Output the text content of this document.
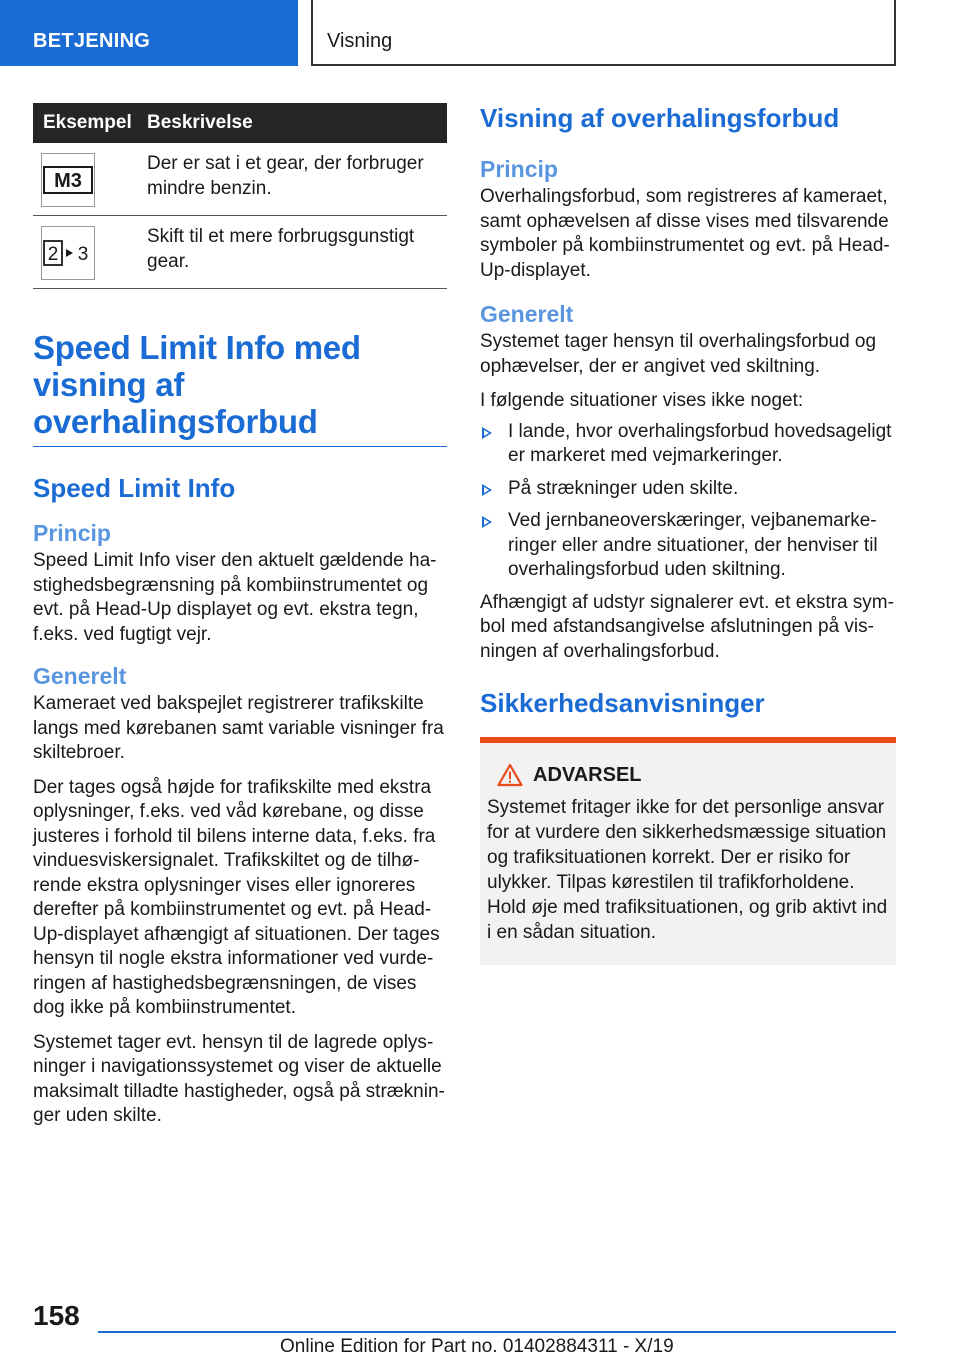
BETJENING	Visning
Eksempel	Beskrivelse

M3	Der er sat i et gear, der forbruger mindre benzin.

2 3	Skift til et mere forbrugsgunstigt gear.
Speed Limit Info med visning af overhalingsforbud
Speed Limit Info
Princip
Speed Limit Info viser den aktuelt gældende hastighedsbegrænsning på kombiinstrumentet og evt. på Head-Up displayet og evt. ekstra tegn, f.eks. ved fugtigt vejr.
Generelt
Kameraet ved bakspejlet registrerer trafikskilte langs med kørebanen samt variable visninger fra skiltebroer.
Der tages også højde for trafikskilte med ekstra oplysninger, f.eks. ved våd kørebane, og disse justeres i forhold til bilens interne data, f.eks. fra vinduesviskersignalet. Trafikskiltet og de tilhørende ekstra oplysninger vises eller ignoreres derefter på kombiinstrumentet og evt. på Head-Up-displayet afhængigt af situationen. Der tages hensyn til nogle ekstra informationer ved vurderingen af hastighedsbegrænsningen, de vises dog ikke på kombiinstrumentet.
Systemet tager evt. hensyn til de lagrede oplysninger i navigationssystemet og viser de aktuelle maksimalt tilladte hastigheder, også på strækninger uden skilte.
Visning af overhalingsforbud
Princip
Overhalingsforbud, som registreres af kameraet, samt ophævelsen af disse vises med tilsvarende symboler på kombiinstrumentet og evt. på Head-Up-displayet.
Generelt
Systemet tager hensyn til overhalingsforbud og ophævelser, der er angivet ved skiltning.
I følgende situationer vises ikke noget:
I lande, hvor overhalingsforbud hovedsageligt er markeret med vejmarkeringer.
På strækninger uden skilte.
Ved jernbaneoverskæringer, vejbanemarkeringer eller andre situationer, der henviser til overhalingsforbud uden skiltning.
Afhængigt af udstyr signalerer evt. et ekstra symbol med afstandsangivelse afslutningen på visningen af overhalingsforbud.
Sikkerhedsanvisninger
ADVARSEL
Systemet fritager ikke for det personlige ansvar for at vurdere den sikkerhedsmæssige situation og trafiksituationen korrekt. Der er risiko for ulykker. Tilpas kørestilen til trafikforholdene. Hold øje med trafiksituationen, og grib aktivt ind i en sådan situation.
158
Online Edition for Part no. 01402884311 - X/19
